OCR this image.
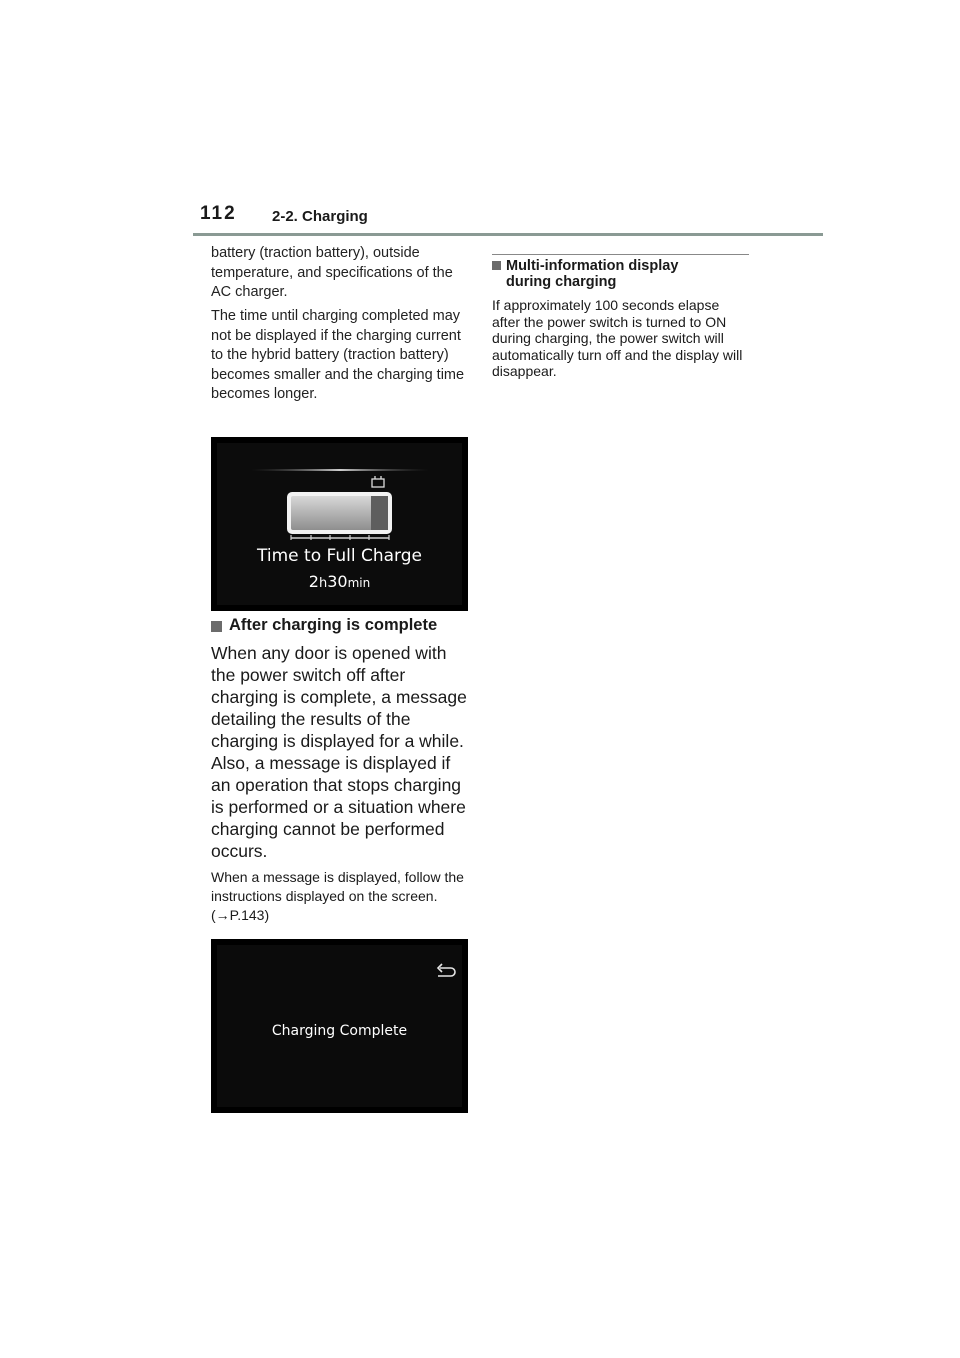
112 2-2. Charging
battery (traction battery), outside temperature, and specifications of the AC charger.
The time until charging completed may not be displayed if the charging current to the hybrid battery (traction battery) becomes smaller and the charging time becomes longer.
Time to Full Charge
2h30min
After charging is complete
When any door is opened with the power switch off after charging is complete, a message detailing the results of the charging is displayed for a while. Also, a message is displayed if an operation that stops charging is performed or a situation where charging cannot be performed occurs.
When a message is displayed, follow the instructions displayed on the screen. (→P.143)
Charging Complete
Multi-information display
during charging
If approximately 100 seconds elapse after the power switch is turned to ON during charging, the power switch will automatically turn off and the display will disappear.
